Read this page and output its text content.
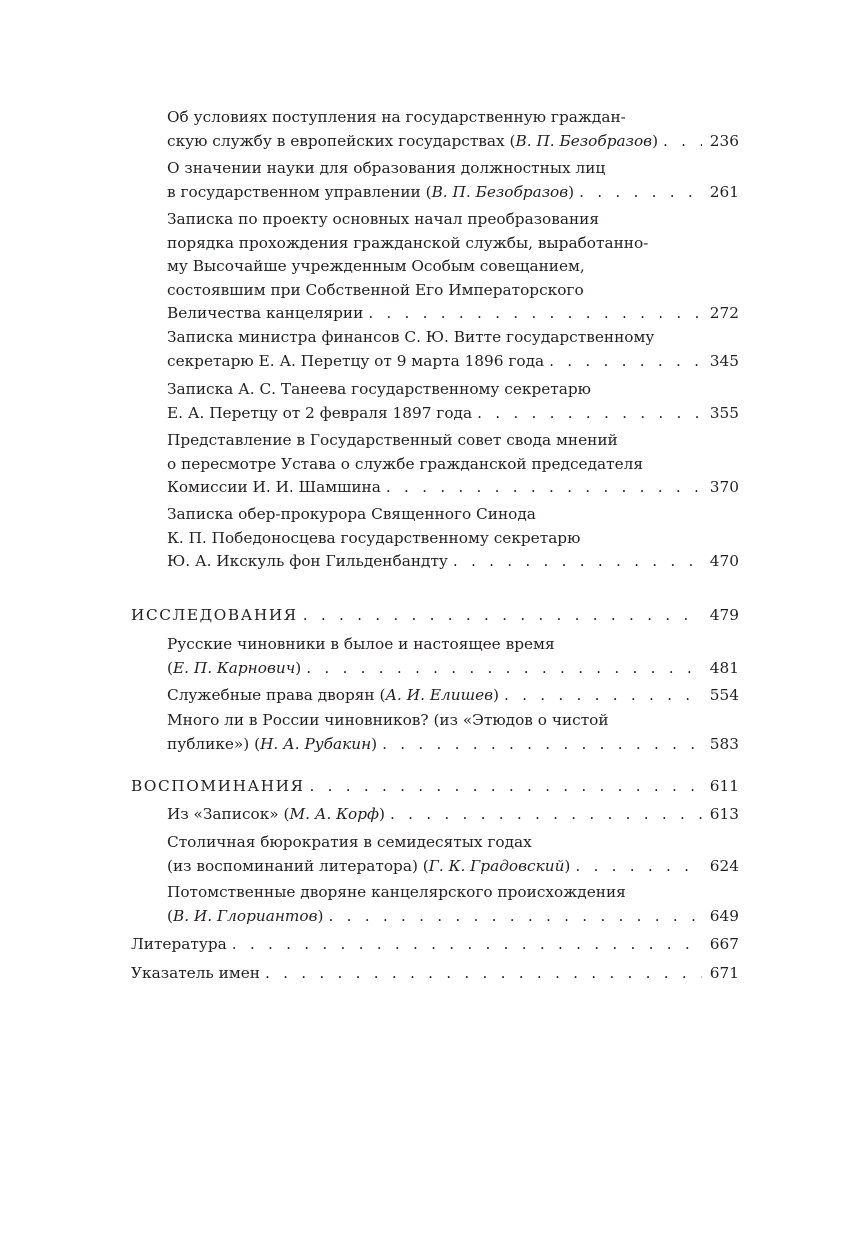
Об условиях поступления на государственную граждан-
скую службу в европейских государствах (В. П. Безобразов) . . .	236
О значении науки для образования должностных лиц
в государственном управлении (В. П. Безобразов) . . .	261
Записка по проекту основных начал преобразования
порядка прохождения гражданской службы, выработанно-
му Высочайше учрежденным Особым совещанием,
состоявшим при Собственной Его Императорского
Величества канцелярии . . .	272
Записка министра финансов С. Ю. Витте государственному
секретарю Е. А. Перетцу от 9 марта 1896 года . . .	345
Записка А. С. Танеева государственному секретарю
Е. А. Перетцу от 2 февраля 1897 года . . .	355
Представление в Государственный совет свода мнений
о пересмотре Устава о службе гражданской председателя
Комиссии И. И. Шамшина . . .	370
Записка обер-прокурора Священного Синода
К. П. Победоносцева государственному секретарю
Ю. А. Икскуль фон Гильденбандту . . .	470
ИССЛЕДОВАНИЯ . . .	479
Русские чиновники в былое и настоящее время
(Е. П. Карнович) . . .	481
Служебные права дворян (А. И. Елишев) . . .	554
Много ли в России чиновников? (из «Этюдов о чистой
публике») (Н. А. Рубакин) . . .	583
ВОСПОМИНАНИЯ . . .	611
Из «Записок» (М. А. Корф) . . .	613
Столичная бюрократия в семидесятых годах
(из воспоминаний литератора) (Г. К. Градовский) . . .	624
Потомственные дворяне канцелярского происхождения
(В. И. Глориантов) . . .	649
Литература . . .	667
Указатель имен . . .	671
